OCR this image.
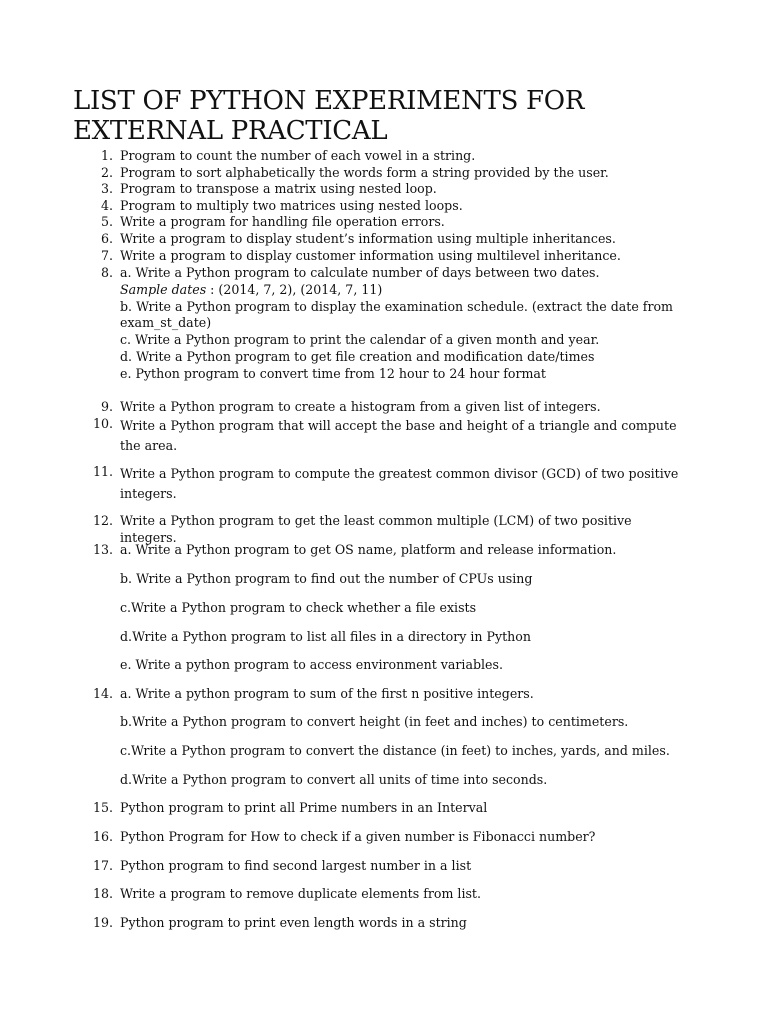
LIST OF PYTHON EXPERIMENTS FOR EXTERNAL PRACTICAL
1. Program to count the number of each vowel in a string.
2. Program to sort alphabetically the words form a string provided by the user.
3. Program to transpose a matrix using nested loop.
4. Program to multiply two matrices using nested loops.
5. Write a program for handling file operation errors.
6. Write a program to display student’s information using multiple inheritances.
7. Write a program to display customer information using multilevel inheritance.
8. a. Write a Python program to calculate number of days between two dates.
Sample dates : (2014, 7, 2), (2014, 7, 11)
b. Write a Python program to display the examination schedule. (extract the date from exam_st_date)
c. Write a Python program to print the calendar of a given month and year.
d. Write a Python program to get file creation and modification date/times
e. Python program to convert time from 12 hour to 24 hour format
9. Write a Python program to create a histogram from a given list of integers.
10. Write a Python program that will accept the base and height of a triangle and compute the area.
11. Write a Python program to compute the greatest common divisor (GCD) of two positive integers.
12. Write a Python program to get the least common multiple (LCM) of two positive integers.
13. a. Write a Python program to get OS name, platform and release information.
b. Write a Python program to find out the number of CPUs using
c.Write a Python program to check whether a file exists
d.Write a Python program to list all files in a directory in Python
e. Write a python program to access environment variables.
14. a. Write a python program to sum of the first n positive integers.
b.Write a Python program to convert height (in feet and inches) to centimeters.
c.Write a Python program to convert the distance (in feet) to inches, yards, and miles.
d.Write a Python program to convert all units of time into seconds.
15. Python program to print all Prime numbers in an Interval
16. Python Program for How to check if a given number is Fibonacci number?
17. Python program to find second largest number in a list
18. Write a program to remove duplicate elements from list.
19. Python program to print even length words in a string
